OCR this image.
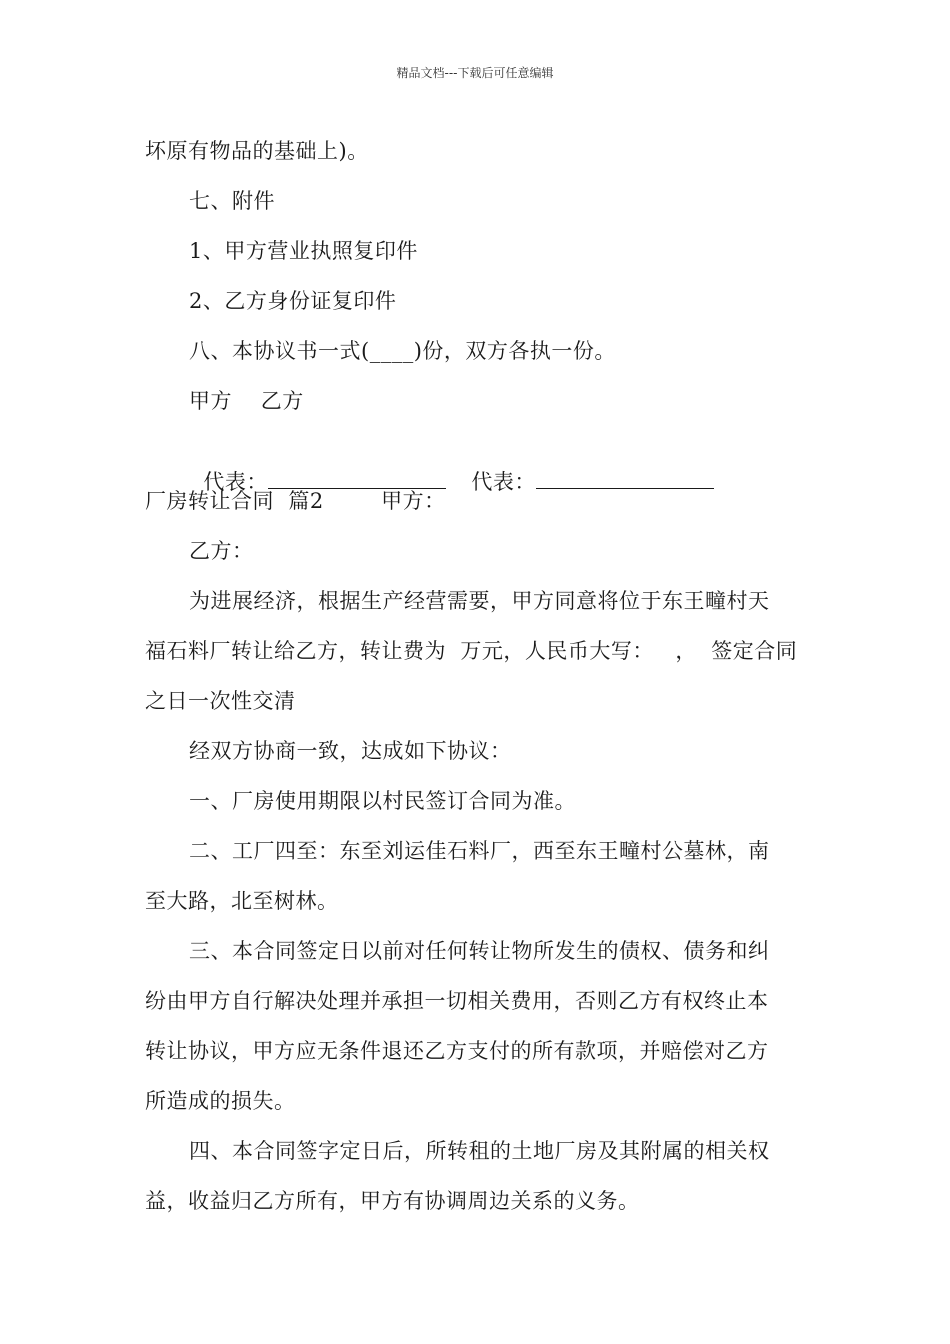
精品文档---下载后可任意编辑
坏原有物品的基础上)。
七、附件
1、甲方营业执照复印件
2、乙方身份证复印件
八、本协议书一式(____)份，双方各执一份。
甲方    乙方

代表：	代表：

厂房转让合同  篇2        甲方：
乙方：
为进展经济，根据生产经营需要，甲方同意将位于东王疃村天
福石料厂转让给乙方，转让费为  万元，人民币大写：   ，  签定合同
之日一次性交清
经双方协商一致，达成如下协议：
一、厂房使用期限以村民签订合同为准。
二、工厂四至：东至刘运佳石料厂，西至东王疃村公墓林，南
至大路，北至树林。
三、本合同签定日以前对任何转让物所发生的债权、债务和纠
纷由甲方自行解决处理并承担一切相关费用，否则乙方有权终止本
转让协议，甲方应无条件退还乙方支付的所有款项，并赔偿对乙方
所造成的损失。
四、本合同签字定日后，所转租的土地厂房及其附属的相关权
益，收益归乙方所有，甲方有协调周边关系的义务。
